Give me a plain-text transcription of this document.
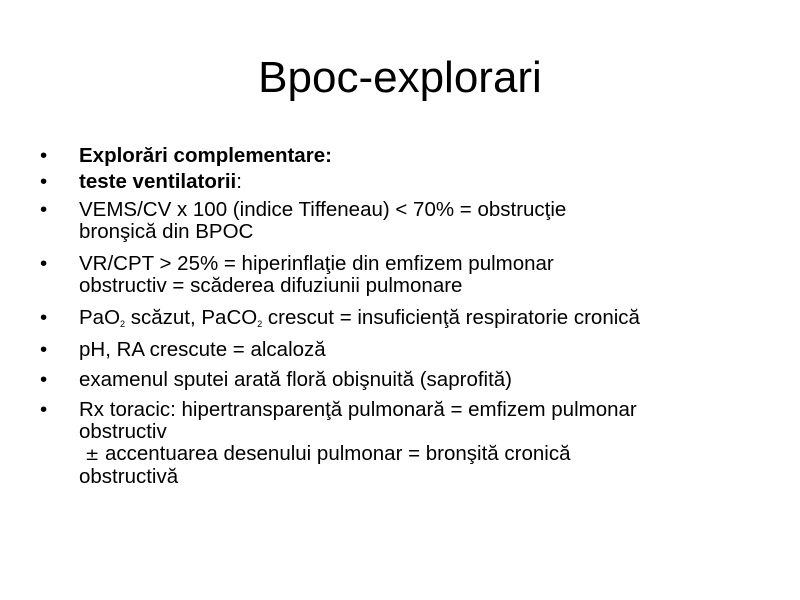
Bpoc-explorari
•	Explorări complementare:
•	teste ventilatorii:
•	VEMS/CV x 100 (indice Tiffeneau) < 70% = obstrucţie
bronşică din BPOC
•	VR/CPT > 25% = hiperinflaţie din emfizem pulmonar
obstructiv = scăderea difuziunii pulmonare
•	PaO$_2$ scăzut, PaCO$_2$ crescut = insuficienţă respiratorie cronică
•	pH, RA crescute = alcaloză
•	examenul sputei arată floră obişnuită (saprofită)
•	Rx toracic: hipertransparenţă pulmonară = emfizem pulmonar
obstructiv
± accentuarea desenului pulmonar = bronşită cronică
obstructivă
